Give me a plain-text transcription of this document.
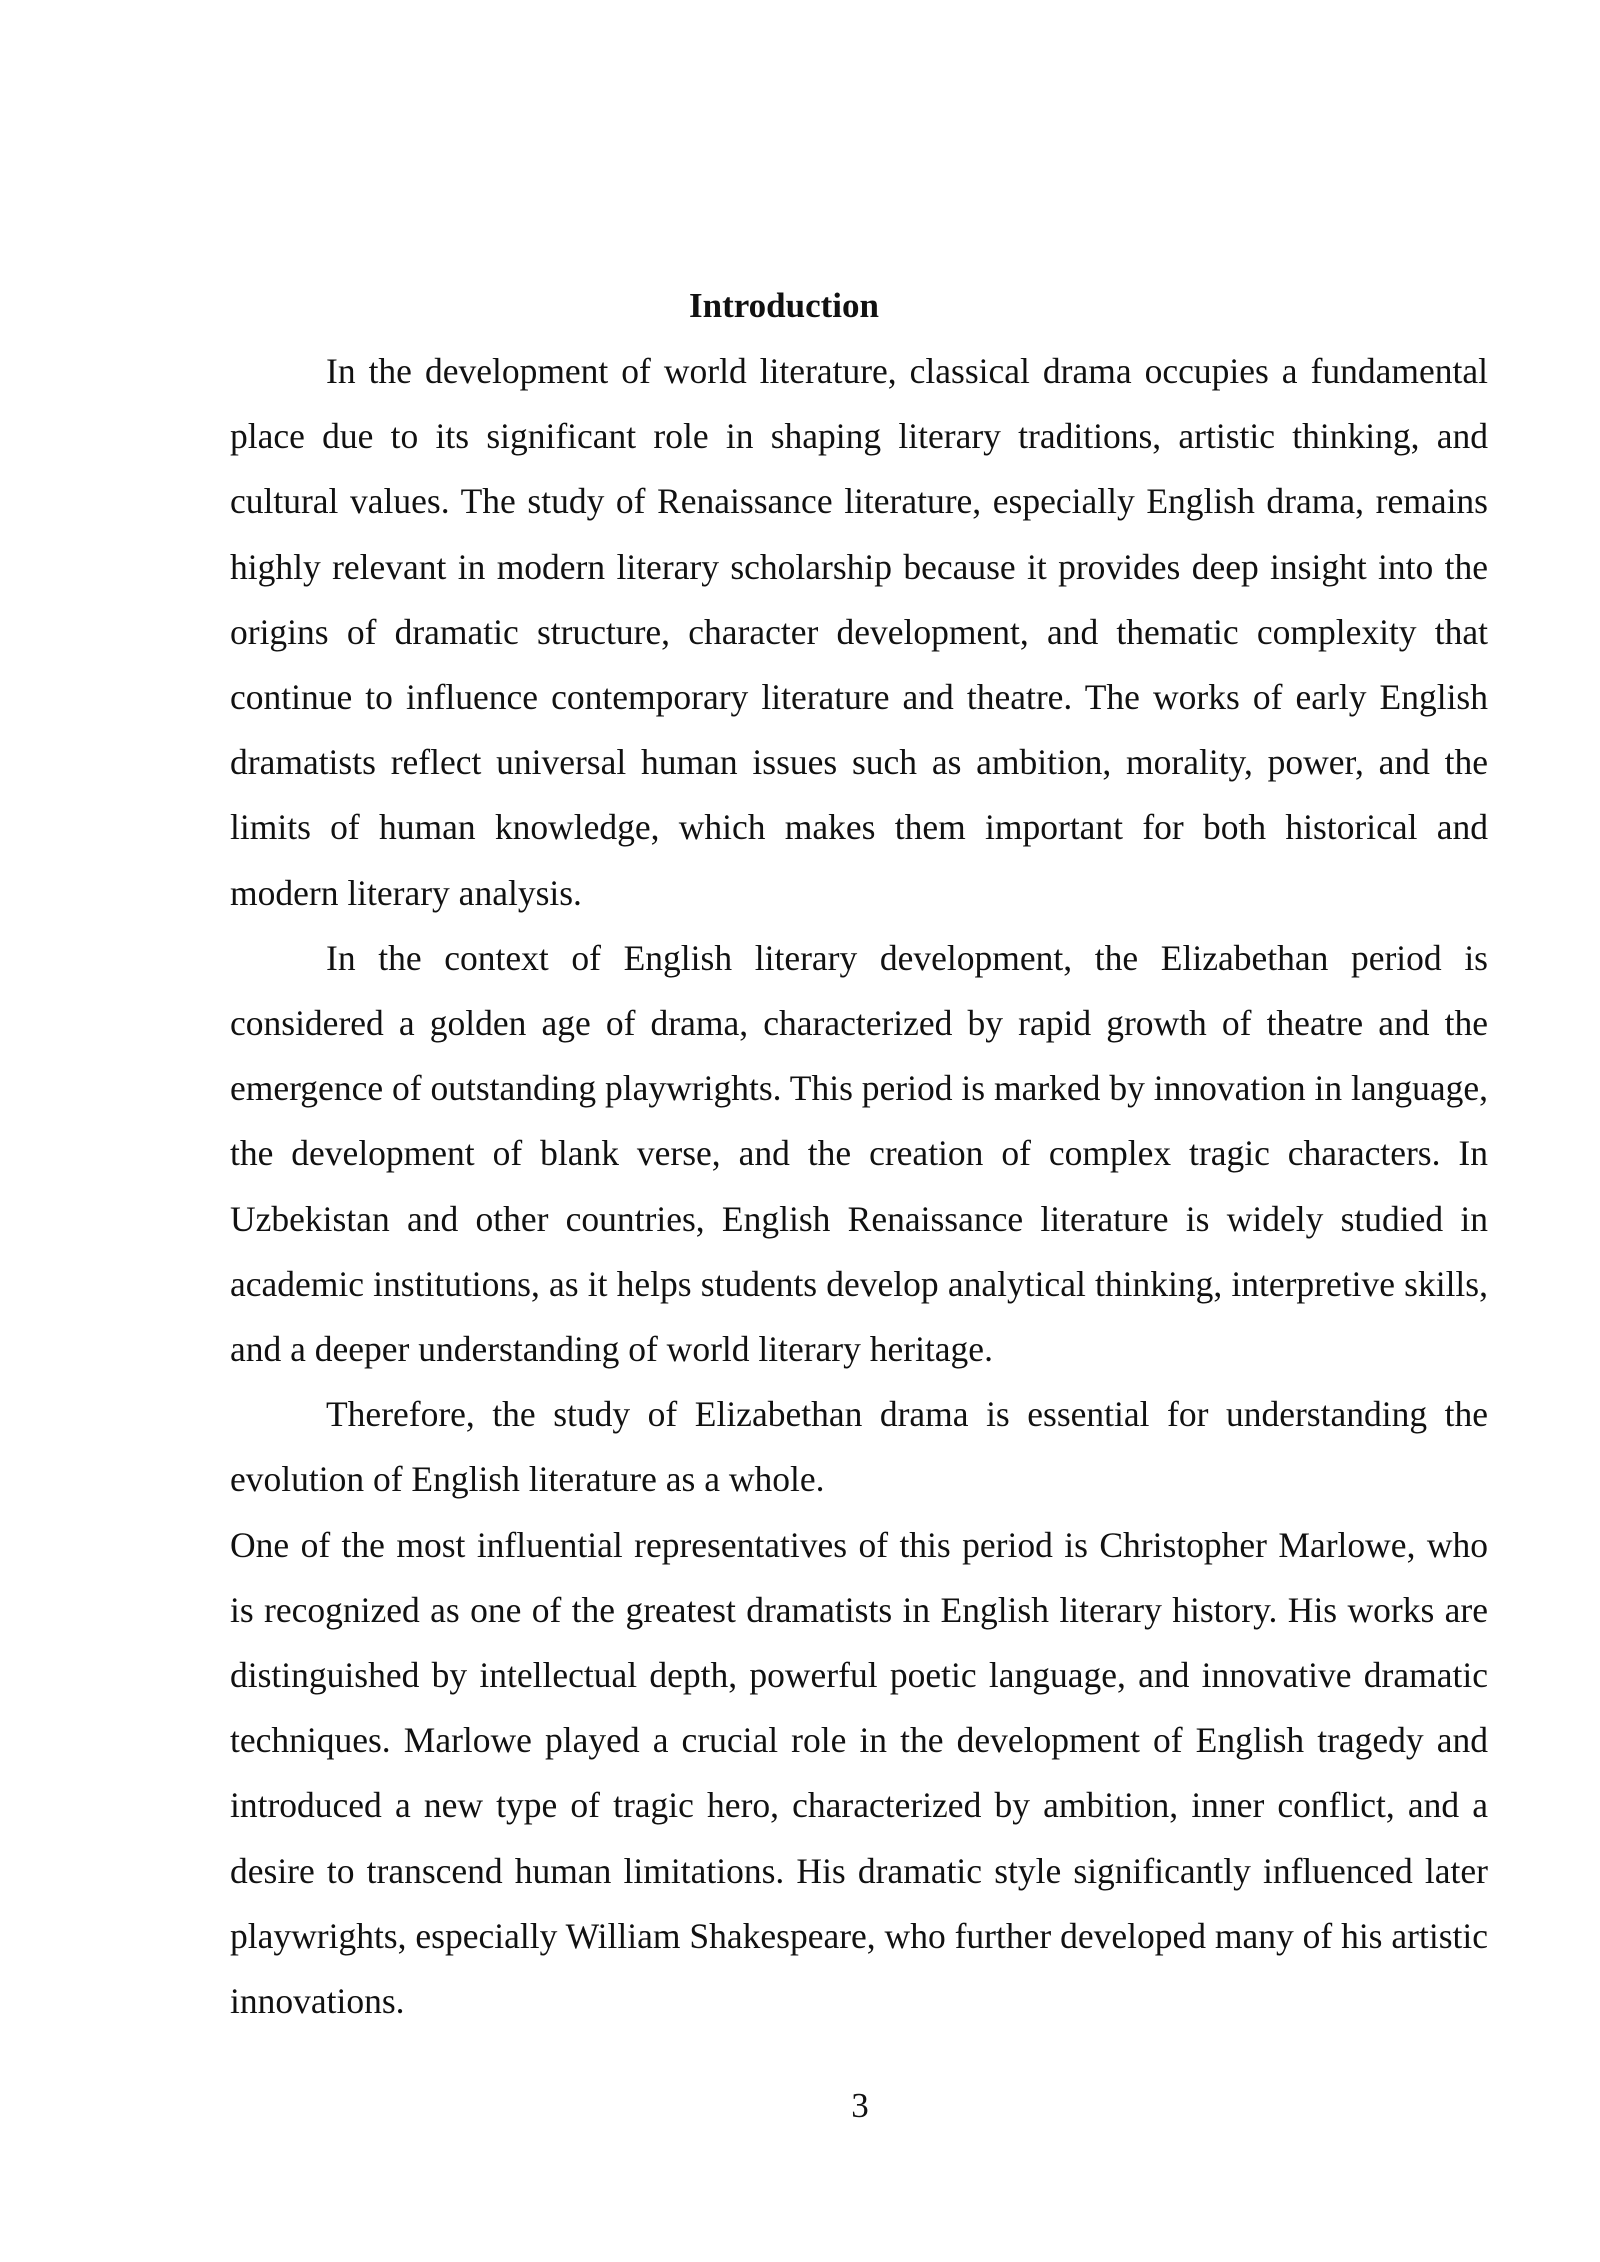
Introduction

In the development of world literature, classical drama occupies a fundamental place due to its significant role in shaping literary traditions, artistic thinking, and cultural values. The study of Renaissance literature, especially English drama, remains highly relevant in modern literary scholarship because it provides deep insight into the origins of dramatic structure, character development, and thematic complexity that continue to influence contemporary literature and theatre. The works of early English dramatists reflect universal human issues such as ambition, morality, power, and the limits of human knowledge, which makes them important for both historical and modern literary analysis.

In the context of English literary development, the Elizabethan period is considered a golden age of drama, characterized by rapid growth of theatre and the emergence of outstanding playwrights. This period is marked by innovation in language, the development of blank verse, and the creation of complex tragic characters. In Uzbekistan and other countries, English Renaissance literature is widely studied in academic institutions, as it helps students develop analytical thinking, interpretive skills, and a deeper understanding of world literary heritage.

Therefore, the study of Elizabethan drama is essential for understanding the evolution of English literature as a whole.

One of the most influential representatives of this period is Christopher Marlowe, who is recognized as one of the greatest dramatists in English literary history. His works are distinguished by intellectual depth, powerful poetic language, and innovative dramatic techniques. Marlowe played a crucial role in the development of English tragedy and introduced a new type of tragic hero, characterized by ambition, inner conflict, and a desire to transcend human limitations. His dramatic style significantly influenced later playwrights, especially William Shakespeare, who further developed many of his artistic innovations.

3
